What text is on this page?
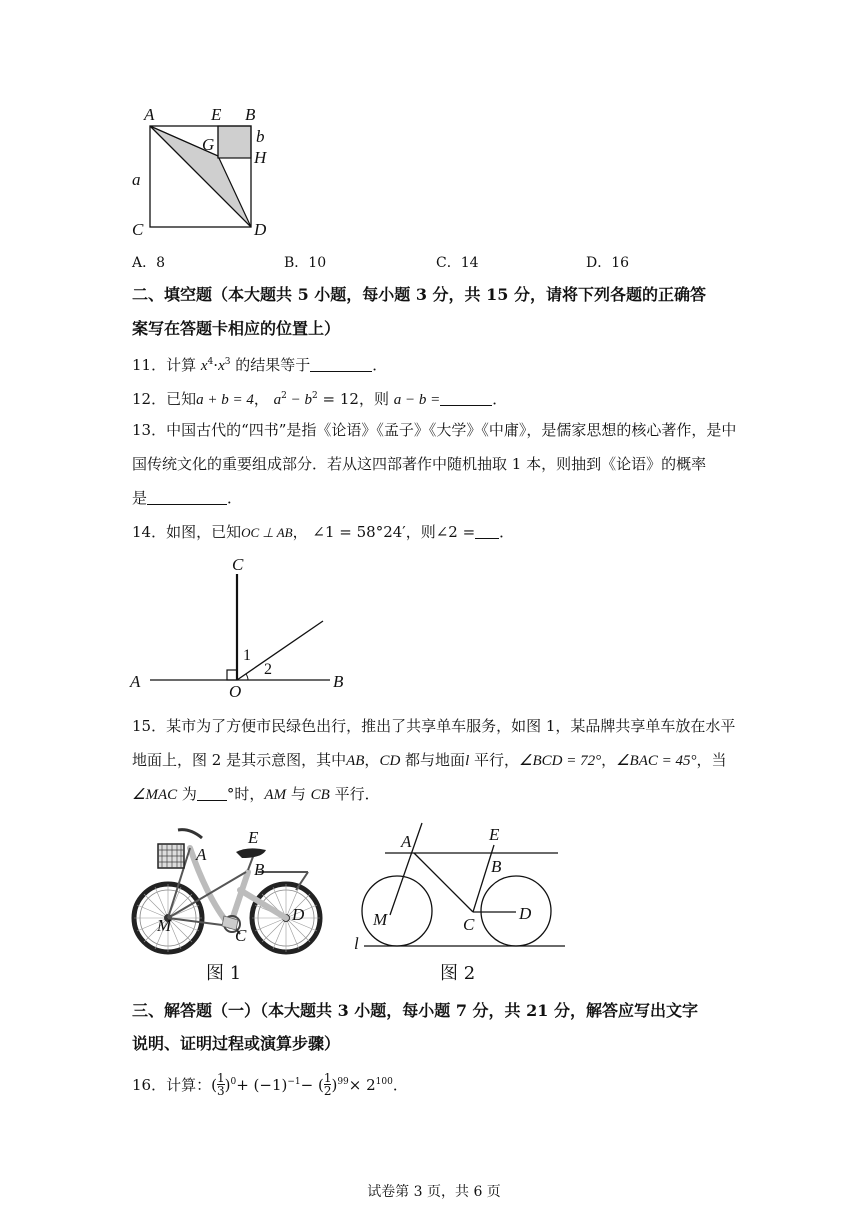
A	E B
b
G
H
a
C	D
A．8	B．10	C．14	D．16
二、填空题（本大题共 5 小题，每小题 3 分，共 15 分，请将下列各题的正确答
案写在答题卡相应的位置上）
11．计算 $x^4\cdot x^3$ 的结果等于	．
12．已知a + b = 4， $a^2 - b^2 = 12$，则 a − b =	．
13．中国古代的“四书”是指《论语》《孟子》《大学》《中庸》，是儒家思想的核心著作，是中
国传统文化的重要组成部分．若从这四部著作中随机抽取 1 本，则抽到《论语》的概率
是	．
14．如图，已知OC ⊥ AB， ∠1 = 58°24′，则∠2 = ．
C
1
2
A
O
B
15．某市为了方便市民绿色出行，推出了共享单车服务，如图 1，某品牌共享单车放在水平
地面上，图 2 是其示意图，其中AB，CD 都与地面l 平行，∠BCD = 72°，∠BAC = 45°，当
∠MAC 为 °时，AM 与 CB 平行．
E
A
B
D
M
C
图 1
A	E
B
M	D
C
l
图 2
三、解答题（一）（本大题共 3 小题，每小题 7 分，共 21 分，解答应写出文字
说明、证明过程或演算步骤）
16．计算： ( 1
3 ) 0 + (−1) −1 − ( 1
2 ) 99 × 2 100 ．
试卷第 3 页，共 6 页
